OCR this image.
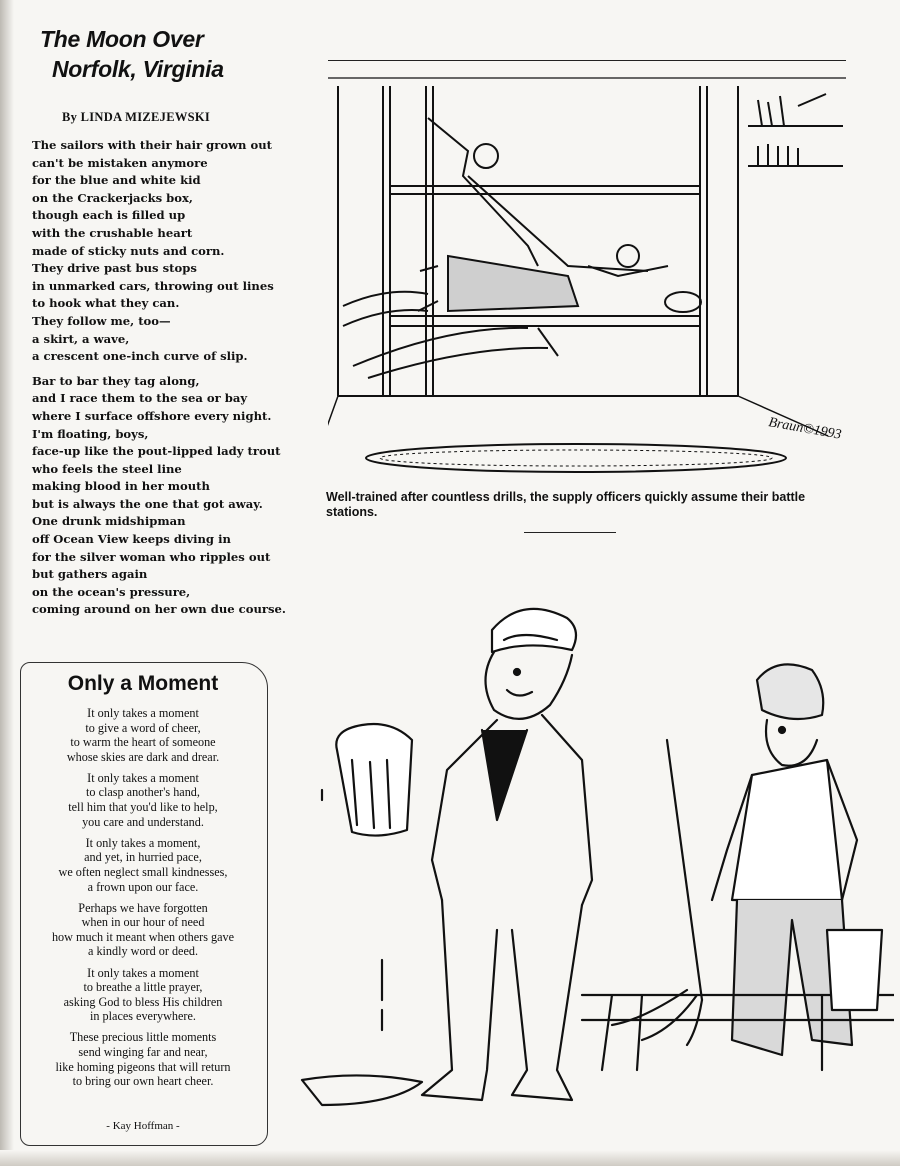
The Moon Over
Norfolk, Virginia
By LINDA MIZEJEWSKI
The sailors with their hair grown out
can't be mistaken anymore
for the blue and white kid
on the Crackerjacks box,
though each is filled up
with the crushable heart
made of sticky nuts and corn.
They drive past bus stops
in unmarked cars, throwing out lines
to hook what they can.
They follow me, too—
a skirt, a wave,
a crescent one-inch curve of slip.
Bar to bar they tag along,
and I race them to the sea or bay
where I surface offshore every night.
I'm floating, boys,
face-up like the pout-lipped lady trout
who feels the steel line
making blood in her mouth
but is always the one that got away.
One drunk midshipman
off Ocean View keeps diving in
for the silver woman who ripples out
but gathers again
on the ocean's pressure,
coming around on her own due course.
Only a Moment
It only takes a moment
to give a word of cheer,
to warm the heart of someone
whose skies are dark and drear.
It only takes a moment
to clasp another's hand,
tell him that you'd like to help,
you care and understand.
It only takes a moment,
and yet, in hurried pace,
we often neglect small kindnesses,
a frown upon our face.
Perhaps we have forgotten
when in our hour of need
how much it meant when others gave
a kindly word or deed.
It only takes a moment
to breathe a little prayer,
asking God to bless His children
in places everywhere.
These precious little moments
send winging far and near,
like homing pigeons that will return
to bring our own heart cheer.
- Kay Hoffman -
Braun©1993
Well-trained after countless drills, the supply officers quickly assume their battle stations.
